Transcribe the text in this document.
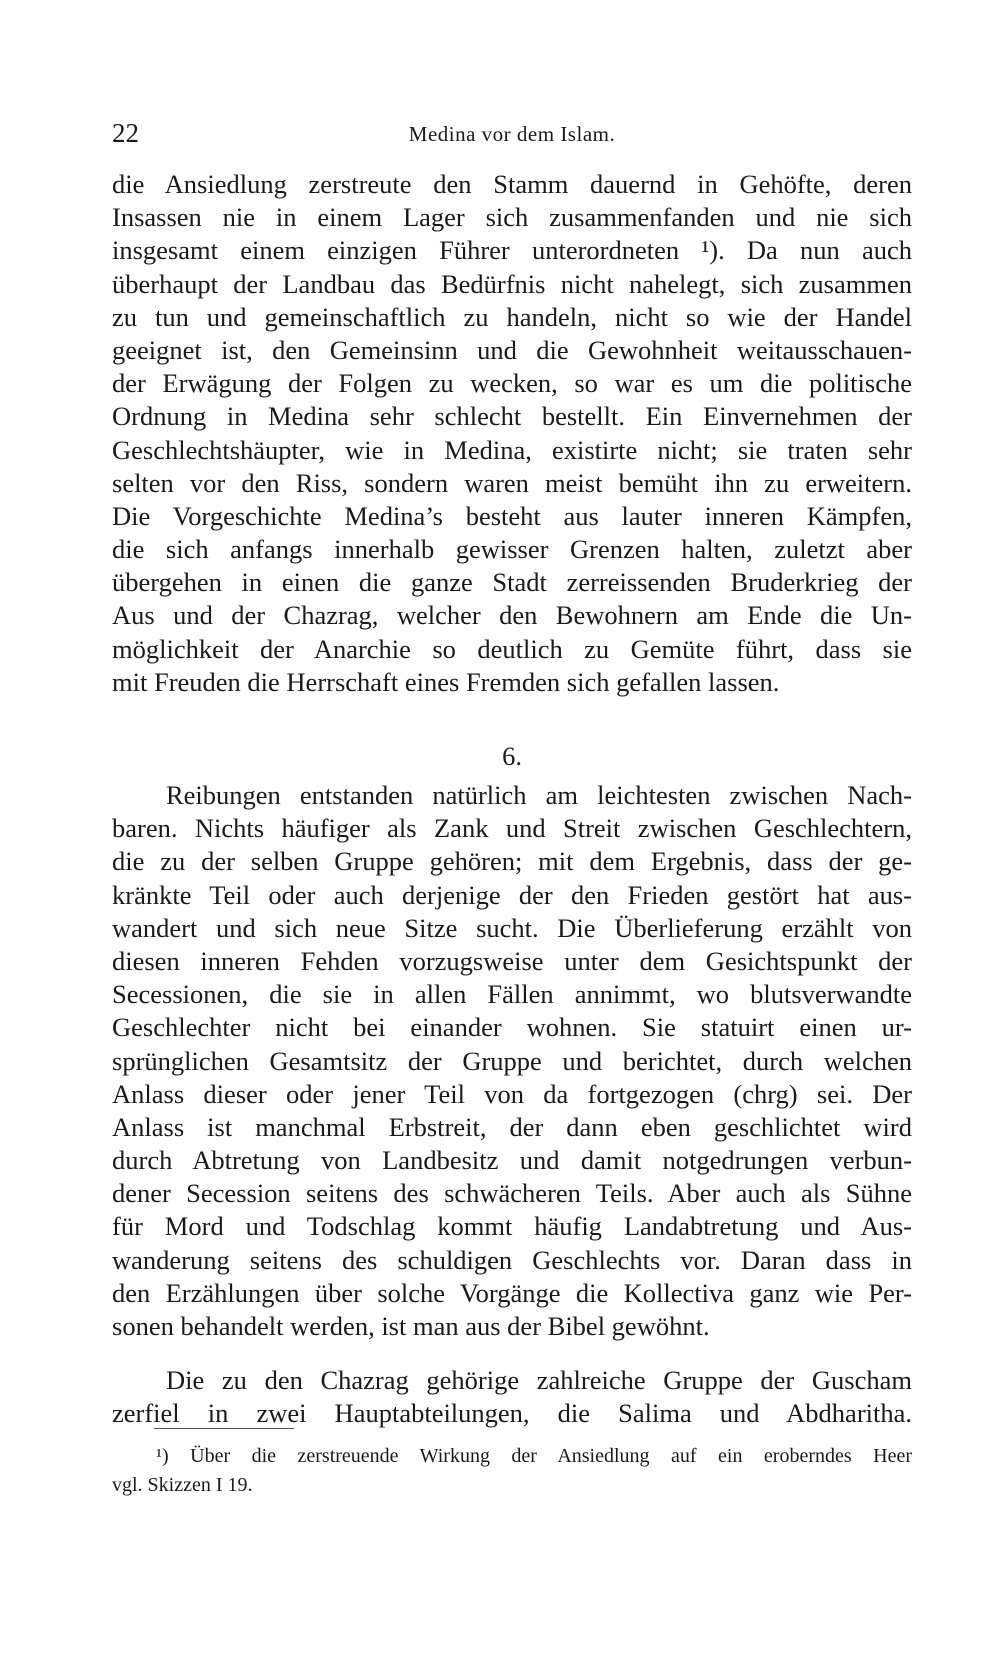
22	Medina vor dem Islam.
die Ansiedlung zerstreute den Stamm dauernd in Gehöfte, deren
Insassen nie in einem Lager sich zusammenfanden und nie sich
insgesamt einem einzigen Führer unterordneten ¹). Da nun auch
überhaupt der Landbau das Bedürfnis nicht nahelegt, sich zusammen
zu tun und gemeinschaftlich zu handeln, nicht so wie der Handel
geeignet ist, den Gemeinsinn und die Gewohnheit weitausschauen-
der Erwägung der Folgen zu wecken, so war es um die politische
Ordnung in Medina sehr schlecht bestellt. Ein Einvernehmen der
Geschlechtshäupter, wie in Medina, existirte nicht; sie traten sehr
selten vor den Riss, sondern waren meist bemüht ihn zu erweitern.
Die Vorgeschichte Medina’s besteht aus lauter inneren Kämpfen,
die sich anfangs innerhalb gewisser Grenzen halten, zuletzt aber
übergehen in einen die ganze Stadt zerreissenden Bruderkrieg der
Aus und der Chazrag, welcher den Bewohnern am Ende die Un-
möglichkeit der Anarchie so deutlich zu Gemüte führt, dass sie
mit Freuden die Herrschaft eines Fremden sich gefallen lassen.
6.
Reibungen entstanden natürlich am leichtesten zwischen Nach-
baren. Nichts häufiger als Zank und Streit zwischen Geschlechtern,
die zu der selben Gruppe gehören; mit dem Ergebnis, dass der ge-
kränkte Teil oder auch derjenige der den Frieden gestört hat aus-
wandert und sich neue Sitze sucht. Die Überlieferung erzählt von
diesen inneren Fehden vorzugsweise unter dem Gesichtspunkt der
Secessionen, die sie in allen Fällen annimmt, wo blutsverwandte
Geschlechter nicht bei einander wohnen. Sie statuirt einen ur-
sprünglichen Gesamtsitz der Gruppe und berichtet, durch welchen
Anlass dieser oder jener Teil von da fortgezogen (chrg) sei. Der
Anlass ist manchmal Erbstreit, der dann eben geschlichtet wird
durch Abtretung von Landbesitz und damit notgedrungen verbun-
dener Secession seitens des schwächeren Teils. Aber auch als Sühne
für Mord und Todschlag kommt häufig Landabtretung und Aus-
wanderung seitens des schuldigen Geschlechts vor. Daran dass in
den Erzählungen über solche Vorgänge die Kollectiva ganz wie Per-
sonen behandelt werden, ist man aus der Bibel gewöhnt.
Die zu den Chazrag gehörige zahlreiche Gruppe der Guscham
zerfiel in zwei Hauptabteilungen, die Salima und Abdharitha.
¹) Über die zerstreuende Wirkung der Ansiedlung auf ein eroberndes Heer
vgl. Skizzen I 19.
